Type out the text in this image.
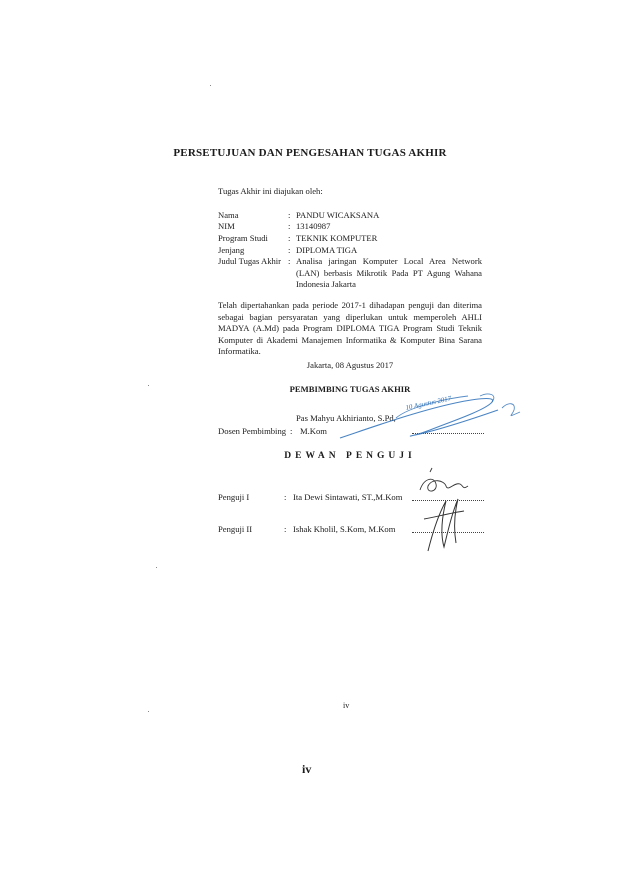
PERSETUJUAN DAN PENGESAHAN TUGAS AKHIR
Tugas Akhir ini diajukan oleh:
Nama	: PANDU WICAKSANA
NIM	: 13140987
Program Studi	: TEKNIK KOMPUTER
Jenjang	: DIPLOMA TIGA
Judul Tugas Akhir : Analisa jaringan Komputer Local Area Network (LAN) berbasis Mikrotik Pada PT Agung Wahana Indonesia Jakarta
Telah dipertahankan pada periode 2017-1 dihadapan penguji dan diterima sebagai bagian persyaratan yang diperlukan untuk memperoleh AHLI MADYA (A.Md) pada Program DIPLOMA TIGA Program Studi Teknik Komputer di Akademi Manajemen Informatika & Komputer Bina Sarana Informatika.
Jakarta, 08 Agustus 2017
PEMBIMBING TUGAS AKHIR
Pas Mahyu Akhirianto, S.Pd,
Dosen Pembimbing : M.Kom
10 Agustus 2017
DEWAN PENGUJI
Penguji I	: Ita Dewi Sintawati, ST.,M.Kom
Penguji II	: Ishak Kholil, S.Kom, M.Kom
iv
iv
